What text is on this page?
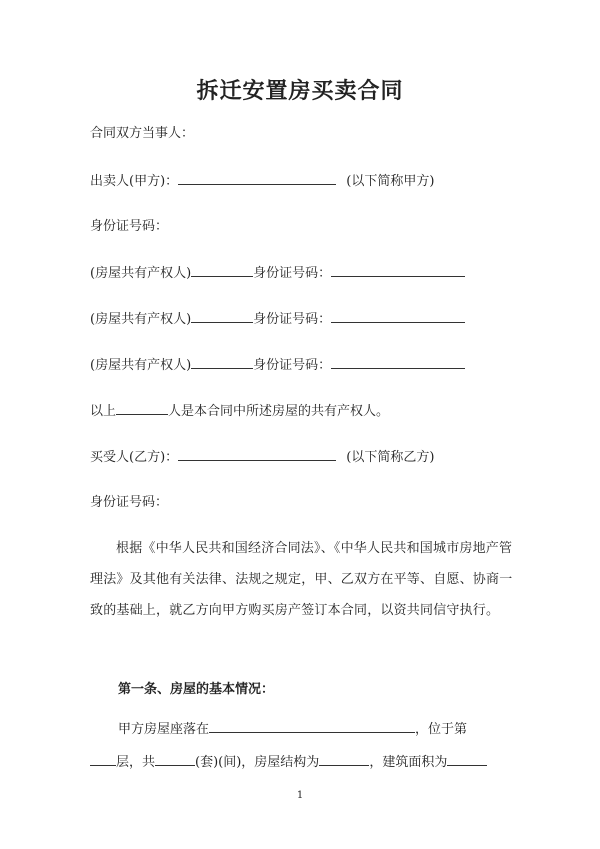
拆迁安置房买卖合同
合同双方当事人：
出卖人(甲方)：	(以下简称甲方)
身份证号码：
(房屋共有产权人)	身份证号码：
(房屋共有产权人)	身份证号码：
(房屋共有产权人)	身份证号码：
以上	人是本合同中所述房屋的共有产权人。
买受人(乙方)：	(以下简称乙方)
身份证号码：
根据《中华人民共和国经济合同法》、《中华人民共和国城市房地产管理法》及其他有关法律、法规之规定，甲、乙双方在平等、自愿、协商一致的基础上，就乙方向甲方购买房产签订本合同，以资共同信守执行。
第一条、房屋的基本情况：
甲方房屋座落在	，位于第
层，共	(套)(间)，房屋结构为	，建筑面积为
1
